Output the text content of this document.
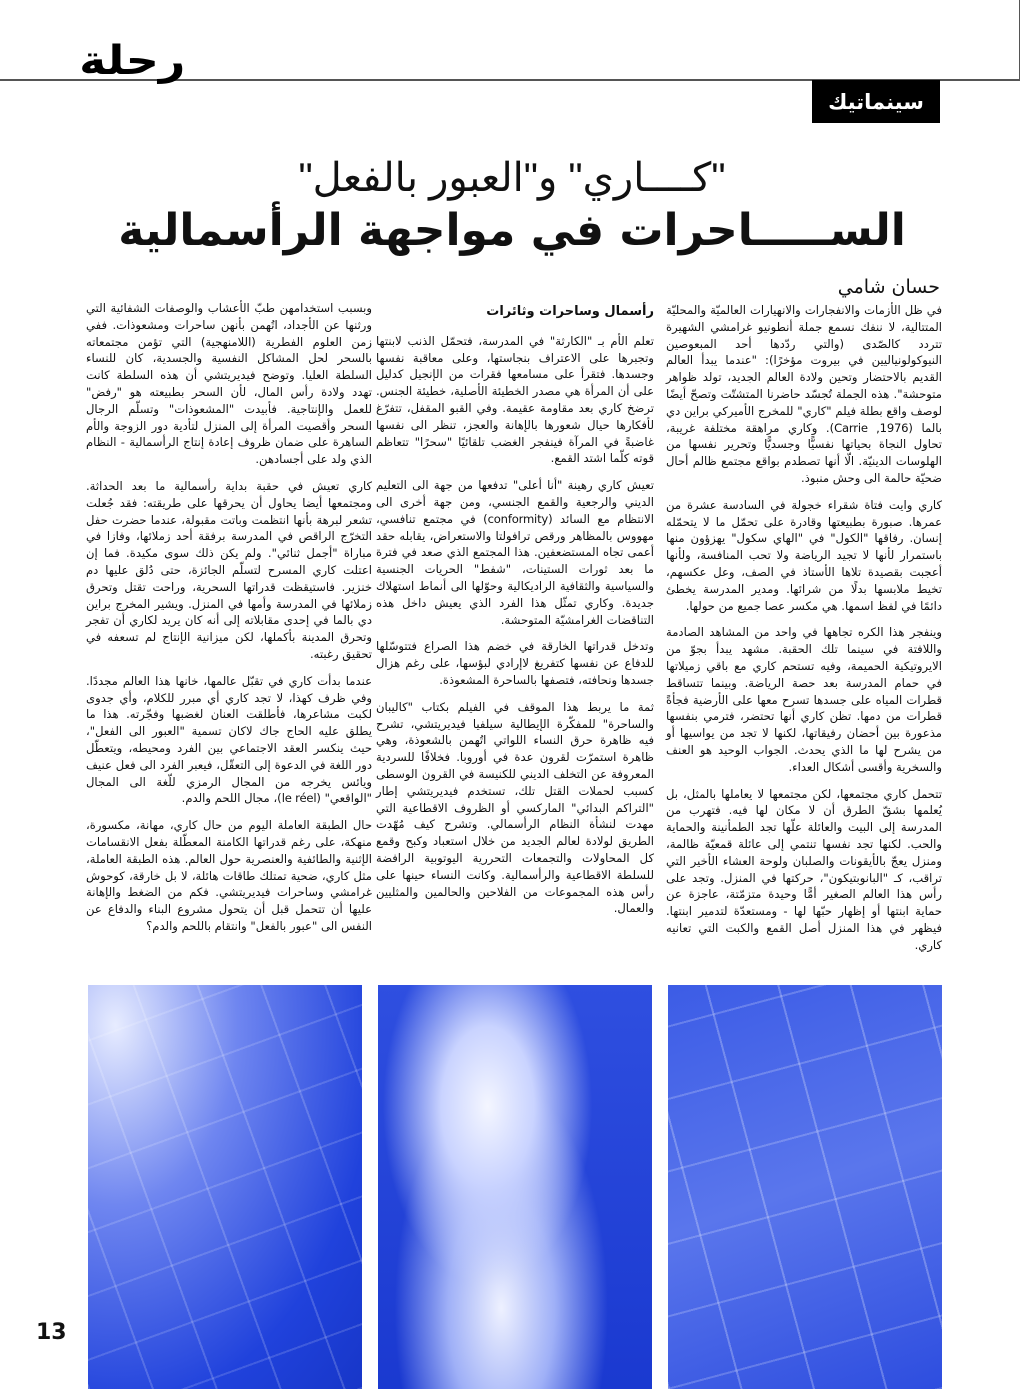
رحلة
سينماتيك
"كــــاري" و"العبور بالفعل"
الســـــاحرات في مواجهة الرأسمالية
حسان شامي

في ظل الأزمات والانفجارات والانهيارات العالميّة والمحليّة المتتالية، لا ننفك نسمع جملة أنطونيو غرامشي الشهيرة تتردد كالصّدى (والتي ردّدها أحد المبعوصين النيوكولونياليين في بيروت مؤخرًا): "عندما يبدأ العالم القديم بالاحتضار وتحين ولادة العالم الجديد، تولد ظواهر متوحشة". هذه الجملة تُجسّد حاضرنا المتشتّت وتصحّ أيضًا لوصف واقع بطلة فيلم "كاري" للمخرج الأميركي براين دي بالما (Carrie ,1976). وكاري مراهقة مختلفة غريبة، تحاول النجاة بحياتها نفسيًّا وجسديًّا وتحرير نفسها من الهلوسات الدينيّة. الّا أنها تصطدم بواقع مجتمع ظالم أحال ضحيّة حالمة الى وحش منبوذ.

كاري وايت فتاة شقراء خجولة في السادسة عشرة من عمرها. صبورة بطبيعتها وقادرة على تحمّل ما لا يتحمّله إنسان. رفاقها "الكول" في "الهاي سكول" يهزؤون منها باستمرار لأنها لا تجيد الرياضة ولا تحب المنافسة، ولأنها أعجبت بقصيدة تلاها الأستاذ في الصف، وعل عكسهم، تخيط ملابسها بدلًا من شرائها. ومدير المدرسة يخطئ دائمًا في لفظ اسمها. هي مكسر عصا جميع من حولها.

وينفجر هذا الكره تجاهها في واحد من المشاهد الصادمة واللافتة في سينما تلك الحقبة. مشهد يبدأ بجوّ من الايروتيكية الحميمة، وفيه تستحم كاري مع باقي زميلاتها في حمام المدرسة بعد حصة الرياضة. وبينما تتساقط قطرات المياه على جسدها تسرح معها على الأرضية فجأةً قطرات من دمها. تظن كاري أنها تحتضر، فترمي بنفسها مذعورة بين أحضان رفيقاتها، لكنها لا تجد من يواسيها أو من يشرح لها ما الذي يحدث. الجواب الوحيد هو العنف والسخرية وأقسى أشكال العداء.

تتحمل كاري مجتمعها، لكن مجتمعها لا يعاملها بالمثل، بل يُعلمها بشقّ الطرق أن لا مكان لها فيه. فتهرب من المدرسة إلى البيت والعائلة علّها تجد الطمأنينة والحماية والحب. لكنها تجد نفسها تنتمي إلى عائلة قمعيّة ظالمة، ومنزل يعجّ بالأيقونات والصلبان ولوحة العشاء الأخير التي تراقب، كـ "البانوبتيكون"، حركتها في المنزل. وتجد على رأس هذا العالم الصغير أمًّا وحيدة متزمّتة، عاجزة عن حماية ابنتها أو إظهار حبّها لها - ومستعدّة لتدمير ابنتها. فيظهر في هذا المنزل أصل القمع والكبت التي تعانيه كاري.

رأسمال وساحرات وثائرات

تعلم الأم بـ "الكارثة" في المدرسة، فتحمّل الذنب لابنتها وتجبرها على الاعتراف بنجاستها، وعلى معاقبة نفسها وجسدها. فتقرأ على مسامعها فقرات من الإنجيل كدليل على أن المرأة هي مصدر الخطيئة الأصلية، خطيئة الجنس. ترضخ كاري بعد مقاومة عقيمة. وفي القبو المقفل، تتفرّغ لأفكارها حيال شعورها بالإهانة والعجز، تنظر الى نفسها غاضبةً في المرآة فينفجر الغضب تلقائيًا "سحرًا" تتعاظم قوته كلّما اشتد القمع.

تعيش كاري رهينة "أنا أعلى" تدفعها من جهة الى التعليم الديني والرجعية والقمع الجنسي، ومن جهة أخرى الى الانتظام مع السائد (conformity) في مجتمع تنافسي، مهووس بالمظاهر ورقص ترافولتا والاستعراض، يقابله حقد أعمى تجاه المستضعفين. هذا المجتمع الذي صعد في فترة ما بعد ثورات الستينات، "شفط" الحريات الجنسية والسياسية والثقافية الراديكالية وحوّلها الى أنماط استهلاك جديدة. وكاري تمثّل هذا الفرد الذي يعيش داخل هذه التناقضات الغرامشيّة المتوحشة.

وتدخل قدراتها الخارقة في خضم هذا الصراع فتتوسّلها للدفاع عن نفسها كتفريغ لاإرادي لبؤسها، على رغم هزال جسدها ونحافته، فتصفها بالساحرة المشعوذة.

ثمة ما يربط هذا الموقف في الفيلم بكتاب "كاليبان والساحرة" للمفكّرة الإيطالية سيلفيا فيديريتشي، تشرح فيه ظاهرة حرق النساء اللواتي اتُهمن بالشعوذة، وهي ظاهرة استمرّت لقرون عدة في أوروبا. فخلافًا للسردية المعروفة عن التخلف الديني للكنيسة في القرون الوسطى كسبب لحملات القتل تلك، تستخدم فيديريتشي إطار "التراكم البدائي" الماركسي أو الظروف الاقطاعية التي مهدت لنشأة النظام الرأسمالي. وتشرح كيف مُهّدت الطريق لولادة لعالم الجديد من خلال استعباد وكبح وقمع كل المحاولات والتجمعات التحررية اليوتوبية الرافضة للسلطة الاقطاعية والرأسمالية. وكانت النساء حينها على رأس هذه المجموعات من الفلاحين والحالمين والمثليين والعمال.

وبسبب استخدامهن طبّ الأعشاب والوصفات الشفائية التي ورثنها عن الأجداد، اتُهمن بأنهن ساحرات ومشعوذات. ففي زمن العلوم الفطرية (اللامنهجية) التي تؤمن مجتمعاته بالسحر لحل المشاكل النفسية والجسدية، كان للنساء السلطة العليا. وتوضح فيديريتشي أن هذه السلطة كانت تهدد ولادة رأس المال، لأن السحر بطبيعته هو "رفض" للعمل والإنتاجية. فأبيدت "المشعوذات" وتسلّم الرجال السحر وأقصيت المرأة إلى المنزل لتأدية دور الزوجة والأم الساهرة على ضمان ظروف إعادة إنتاج الرأسمالية - النظام الذي ولد على أجسادهن.

كاري تعيش في حقبة بداية رأسمالية ما بعد الحداثة. ومجتمعها أيضا يحاول أن يحرقها على طريقته: فقد جُعلت تشعر لبرهة بأنها انتظمت وباتت مقبولة، عندما حضرت حفل التخرّج الراقص في المدرسة برفقة أحد زملائها، وفازا في مباراة "أجمل ثنائي". ولم يكن ذلك سوى مكيدة. فما إن اعتلت كاري المسرح لتسلّم الجائزة، حتى دُلق عليها دم خنزير. فاستيقظت قدراتها السحرية، وراحت تقتل وتحرق زملائها في المدرسة وأمها في المنزل. ويشير المخرج براين دي بالما في إحدى مقابلاته إلى أنه كان يريد لكاري أن تفجر وتحرق المدينة بأكملها، لكن ميزانية الإنتاج لم تسعفه في تحقيق رغبته.

عندما بدأت كاري في تقبّل عالمها، خانها هذا العالم مجددًا. وفي ظرف كهذا، لا تجد كاري أي مبرر للكلام، وأي جدوى لكبت مشاعرها، فأطلقت العنان لغضبها وفجّرته. هذا ما يطلق عليه الحاج جاك لاكان تسمية "العبور الى الفعل"، حيث ينكسر العقد الاجتماعي بين الفرد ومحيطه، ويتعطّل دور اللغة في الدعوة إلى التعقّل، فيعبر الفرد الى فعل عنيف ويائس يخرجه من المجال الرمزي للّغة الى المجال "الواقعي" (le réel)، مجال اللحم والدم.

حال الطبقة العاملة اليوم من حال كاري، مهانة، مكسورة، منهكة، على رغم قدراتها الكامنة المعطّلة بفعل الانقسامات الإثنية والطائفية والعنصرية حول العالم. هذه الطبقة العاملة، مثل كاري، ضحية تمتلك طاقات هائلة، لا بل خارقة، كوحوش غرامشي وساحرات فيديريتشي. فكم من الضغط والإهانة عليها أن تتحمل قبل أن يتحول مشروع البناء والدفاع عن النفس الى "عبور بالفعل" وانتقام باللحم والدم؟

13
